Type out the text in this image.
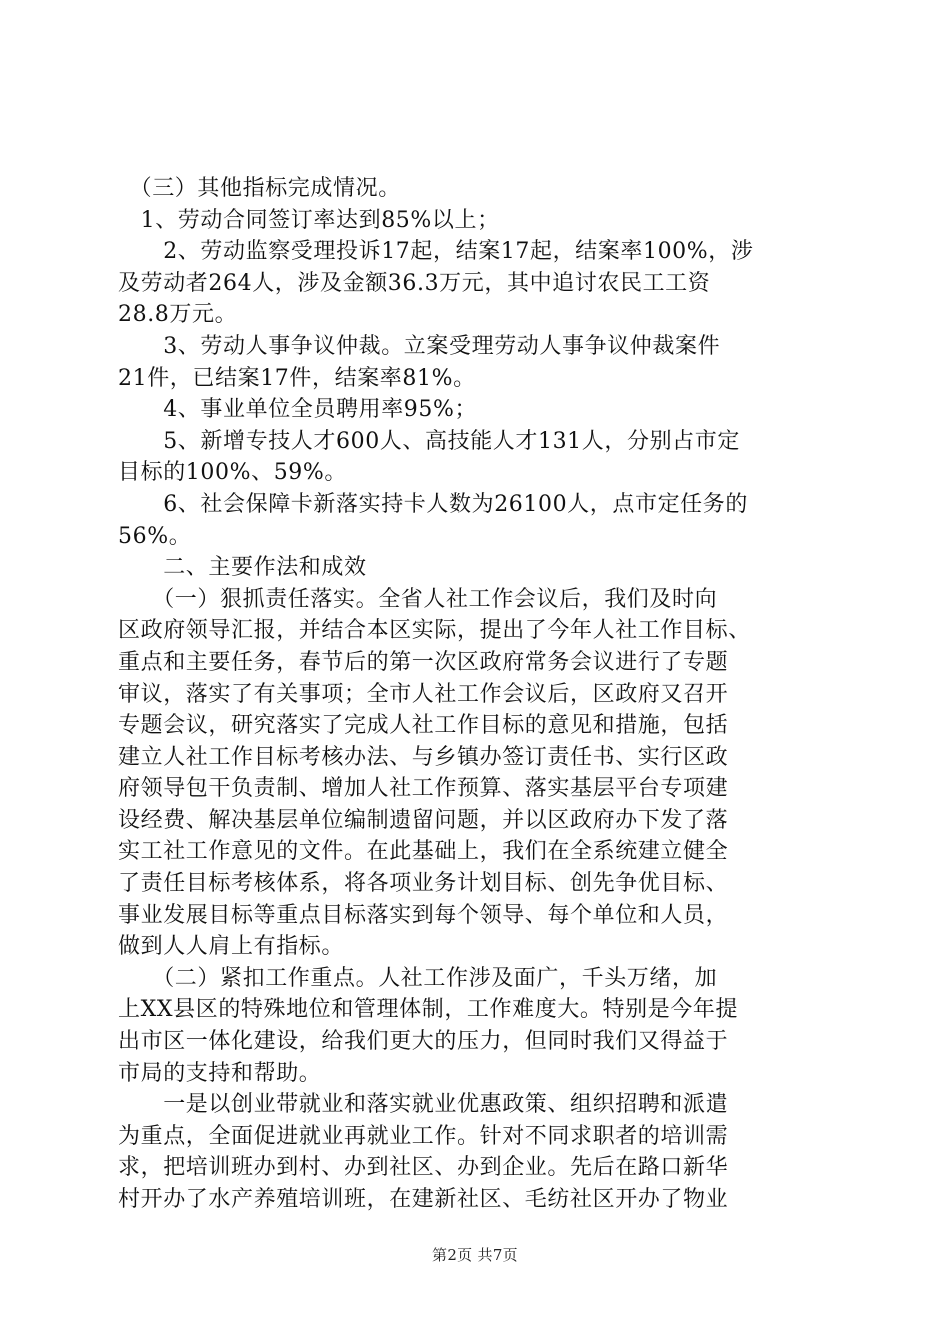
　（三）其他指标完成情况。
　1、劳动合同签订率达到85%以上；
　　2、劳动监察受理投诉17起，结案17起，结案率100%，涉
及劳动者264人，涉及金额36.3万元，其中追讨农民工工资
28.8万元。
　　3、劳动人事争议仲裁。立案受理劳动人事争议仲裁案件
21件，已结案17件，结案率81%。
　　4、事业单位全员聘用率95%；
　　5、新增专技人才600人、高技能人才131人，分别占市定
目标的100%、59%。
　　6、社会保障卡新落实持卡人数为26100人，点市定任务的
56%。
　　二、主要作法和成效
　　（一）狠抓责任落实。全省人社工作会议后，我们及时向
区政府领导汇报，并结合本区实际，提出了今年人社工作目标、
重点和主要任务，春节后的第一次区政府常务会议进行了专题
审议，落实了有关事项；全市人社工作会议后，区政府又召开
专题会议，研究落实了完成人社工作目标的意见和措施，包括
建立人社工作目标考核办法、与乡镇办签订责任书、实行区政
府领导包干负责制、增加人社工作预算、落实基层平台专项建
设经费、解决基层单位编制遗留问题，并以区政府办下发了落
实工社工作意见的文件。在此基础上，我们在全系统建立健全
了责任目标考核体系，将各项业务计划目标、创先争优目标、
事业发展目标等重点目标落实到每个领导、每个单位和人员，
做到人人肩上有指标。
　　（二）紧扣工作重点。人社工作涉及面广，千头万绪，加
上XX县区的特殊地位和管理体制，工作难度大。特别是今年提
出市区一体化建设，给我们更大的压力，但同时我们又得益于
市局的支持和帮助。
　　一是以创业带就业和落实就业优惠政策、组织招聘和派遣
为重点，全面促进就业再就业工作。针对不同求职者的培训需
求，把培训班办到村、办到社区、办到企业。先后在路口新华
村开办了水产养殖培训班，在建新社区、毛纺社区开办了物业
第2页 共7页
